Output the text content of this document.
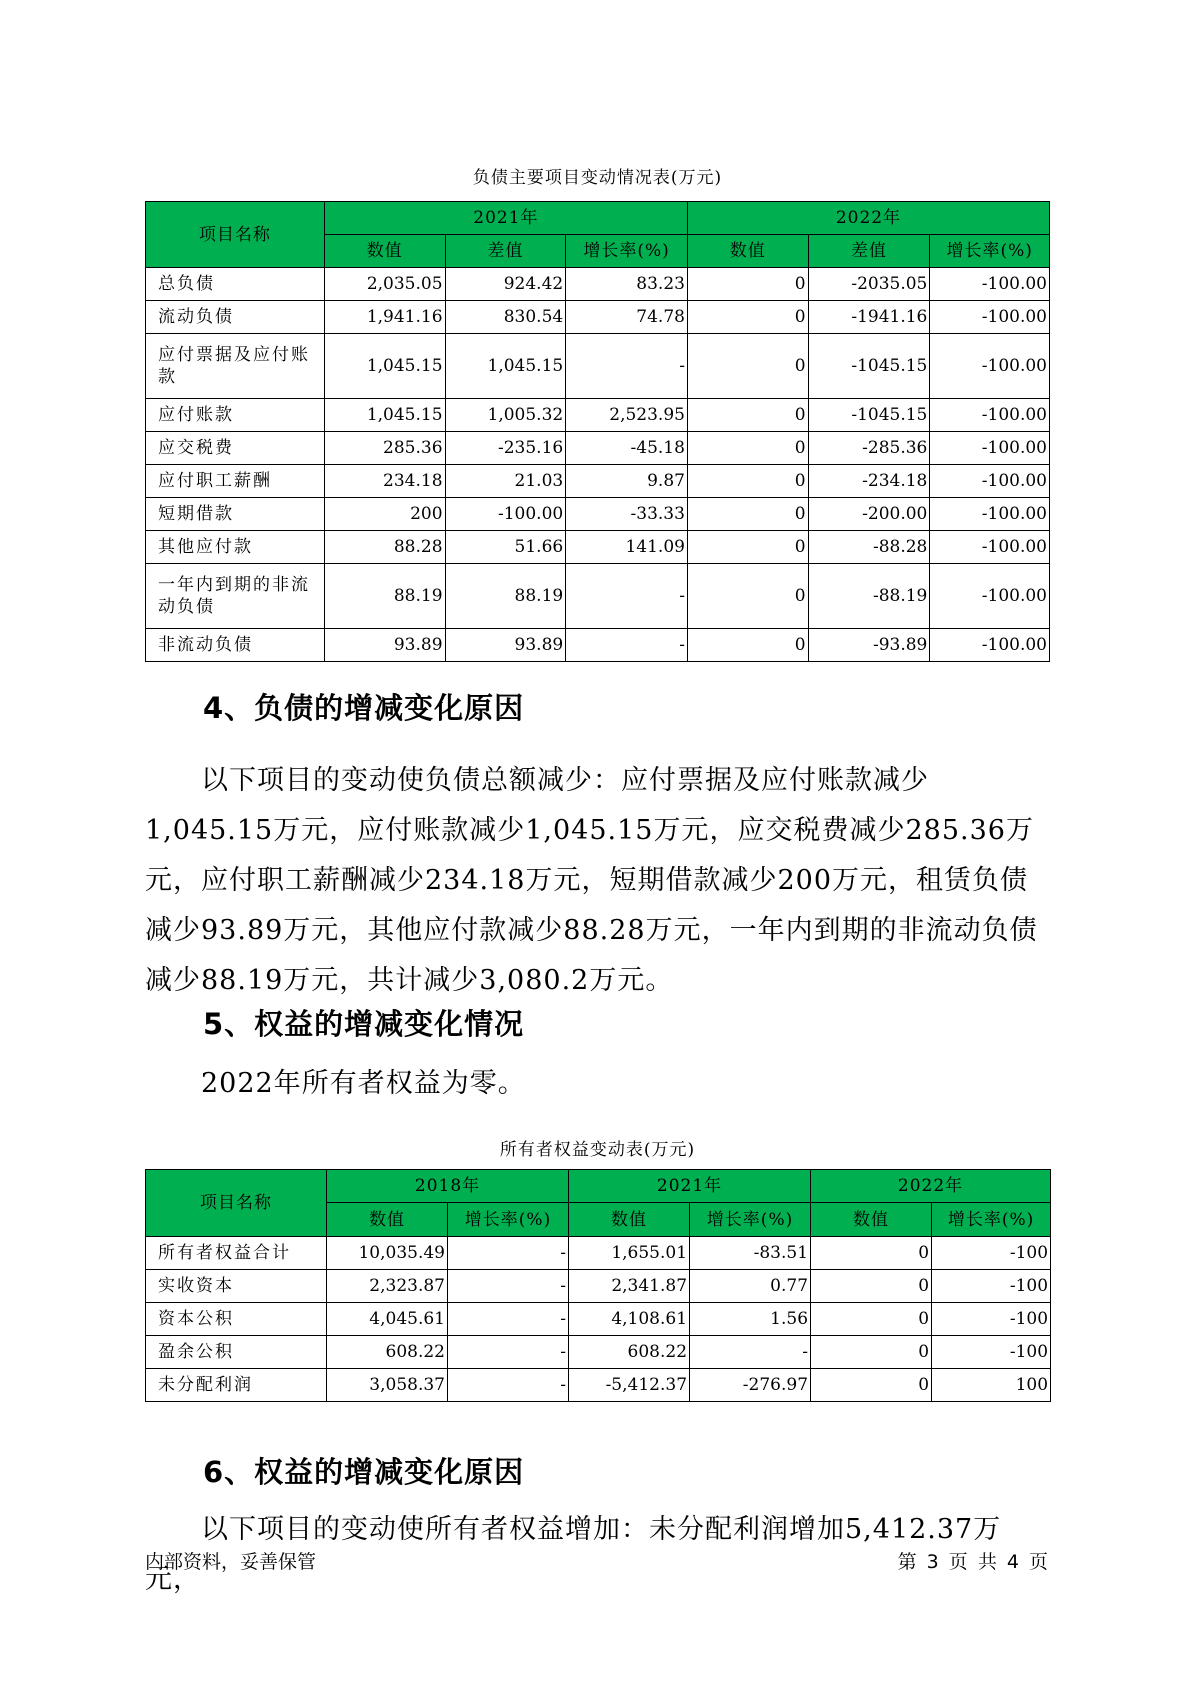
负债主要项目变动情况表(万元)
项目名称	2021年			2022年		
	数值	差值	增长率(%)	数值	差值	增长率(%)
总负债	2,035.05	924.42	83.23	0	-2035.05	-100.00
流动负债	1,941.16	830.54	74.78	0	-1941.16	-100.00
应付票据及应付账款	1,045.15	1,045.15	-	0	-1045.15	-100.00
应付账款	1,045.15	1,005.32	2,523.95	0	-1045.15	-100.00
应交税费	285.36	-235.16	-45.18	0	-285.36	-100.00
应付职工薪酬	234.18	21.03	9.87	0	-234.18	-100.00
短期借款	200	-100.00	-33.33	0	-200.00	-100.00
其他应付款	88.28	51.66	141.09	0	-88.28	-100.00
一年内到期的非流动负债	88.19	88.19	-	0	-88.19	-100.00
非流动负债	93.89	93.89	-	0	-93.89	-100.00
4、负债的增减变化原因

以下项目的变动使负债总额减少：应付票据及应付账款减少1,045.15万元，应付账款减少1,045.15万元，应交税费减少285.36万元，应付职工薪酬减少234.18万元，短期借款减少200万元，租赁负债减少93.89万元，其他应付款减少88.28万元，一年内到期的非流动负债减少88.19万元，共计减少3,080.2万元。

5、权益的增减变化情况

2022年所有者权益为零。

所有者权益变动表(万元)
项目名称	2018年		2021年		2022年	
	数值	增长率(%)	数值	增长率(%)	数值	增长率(%)
所有者权益合计	10,035.49	-	1,655.01	-83.51	0	-100
实收资本	2,323.87	-	2,341.87	0.77	0	-100
资本公积	4,045.61	-	4,108.61	1.56	0	-100
盈余公积	608.22	-	608.22	-	0	-100
未分配利润	3,058.37	-	-5,412.37	-276.97	0	100
6、权益的增减变化原因

以下项目的变动使所有者权益增加：未分配利润增加5,412.37万元，

内部资料，妥善保管	第 3 页 共 4 页
